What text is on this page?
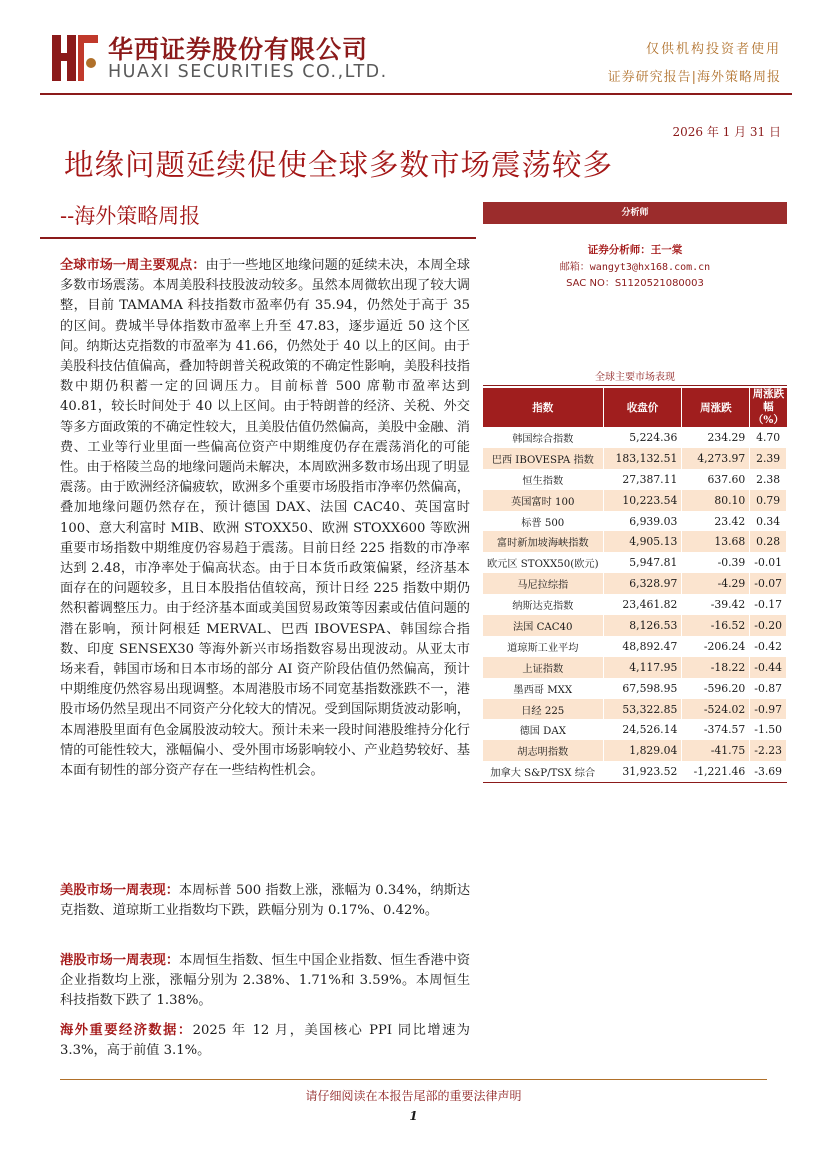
华西证券股份有限公司
HUAXI SECURITIES CO.,LTD.
仅供机构投资者使用
证券研究报告|海外策略周报
2026 年 1 月 31 日
地缘问题延续促使全球多数市场震荡较多
--海外策略周报
全球市场一周主要观点：由于一些地区地缘问题的延续未决，本周全球多数市场震荡。本周美股科技股波动较多。虽然本周微软出现了较大调整，目前 TAMAMA 科技指数市盈率仍有 35.94，仍然处于高于 35 的区间。费城半导体指数市盈率上升至 47.83，逐步逼近 50 这个区间。纳斯达克指数的市盈率为 41.66，仍然处于 40 以上的区间。由于美股科技估值偏高，叠加特朗普关税政策的不确定性影响，美股科技指数中期仍积蓄一定的回调压力。目前标普 500 席勒市盈率达到 40.81，较长时间处于 40 以上区间。由于特朗普的经济、关税、外交等多方面政策的不确定性较大，且美股估值仍然偏高，美股中金融、消费、工业等行业里面一些偏高位资产中期维度仍存在震荡消化的可能性。由于格陵兰岛的地缘问题尚未解决，本周欧洲多数市场出现了明显震荡。由于欧洲经济偏疲软，欧洲多个重要市场股指市净率仍然偏高，叠加地缘问题仍然存在，预计德国 DAX、法国 CAC40、英国富时 100、意大利富时 MIB、欧洲 STOXX50、欧洲 STOXX600 等欧洲重要市场指数中期维度仍容易趋于震荡。目前日经 225 指数的市净率达到 2.48，市净率处于偏高状态。由于日本货币政策偏紧，经济基本面存在的问题较多，且日本股指估值较高，预计日经 225 指数中期仍然积蓄调整压力。由于经济基本面或美国贸易政策等因素或估值问题的潜在影响，预计阿根廷 MERVAL、巴西 IBOVESPA、韩国综合指数、印度 SENSEX30 等海外新兴市场指数容易出现波动。从亚太市场来看，韩国市场和日本市场的部分 AI 资产阶段估值仍然偏高，预计中期维度仍然容易出现调整。本周港股市场不同宽基指数涨跌不一，港股市场仍然呈现出不同资产分化较大的情况。受到国际期货波动影响，本周港股里面有色金属股波动较大。预计未来一段时间港股维持分化行情的可能性较大，涨幅偏小、受外围市场影响较小、产业趋势较好、基本面有韧性的部分资产存在一些结构性机会。
美股市场一周表现：本周标普 500 指数上涨，涨幅为 0.34%，纳斯达克指数、道琼斯工业指数均下跌，跌幅分别为 0.17%、0.42%。
港股市场一周表现：本周恒生指数、恒生中国企业指数、恒生香港中资企业指数均上涨，涨幅分别为 2.38%、1.71%和 3.59%。本周恒生科技指数下跌了 1.38%。
海外重要经济数据：2025 年 12 月，美国核心 PPI 同比增速为 3.3%，高于前值 3.1%。
分析师
证券分析师：王一棠
邮箱：wangyt3@hx168.com.cn
SAC NO：S1120521080003
全球主要市场表现
指数	收盘价	周涨跌	周涨跌幅（%）
韩国综合指数	5,224.36	234.29	4.70
巴西 IBOVESPA 指数	183,132.51	4,273.97	2.39
恒生指数	27,387.11	637.60	2.38
英国富时 100	10,223.54	80.10	0.79
标普 500	6,939.03	23.42	0.34
富时新加坡海峡指数	4,905.13	13.68	0.28
欧元区 STOXX50(欧元)	5,947.81	-0.39	-0.01
马尼拉综指	6,328.97	-4.29	-0.07
纳斯达克指数	23,461.82	-39.42	-0.17
法国 CAC40	8,126.53	-16.52	-0.20
道琼斯工业平均	48,892.47	-206.24	-0.42
上证指数	4,117.95	-18.22	-0.44
墨西哥 MXX	67,598.95	-596.20	-0.87
日经 225	53,322.85	-524.02	-0.97
德国 DAX	24,526.14	-374.57	-1.50
胡志明指数	1,829.04	-41.75	-2.23
加拿大 S&P/TSX 综合	31,923.52	-1,221.46	-3.69
请仔细阅读在本报告尾部的重要法律声明
1
